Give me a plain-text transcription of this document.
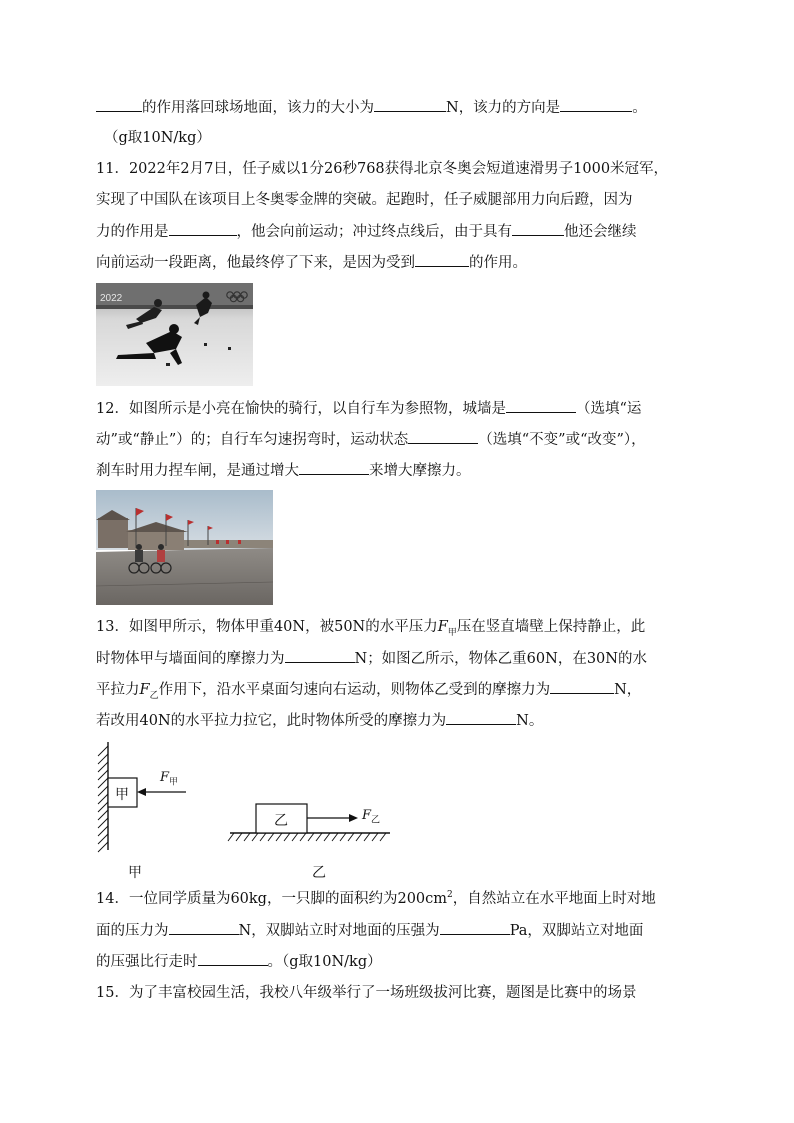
的作用落回球场地面，该力的大小为	N，该力的方向是	。
（g取10N/kg）
11．2022年2月7日，任子威以1分26秒768获得北京冬奥会短道速滑男子1000米冠军，
实现了中国队在该项目上冬奥零金牌的突破。起跑时，任子威腿部用力向后蹬，因为
力的作用是	，他会向前运动；冲过终点线后，由于具有	他还会继续
向前运动一段距离，他最终停了下来，是因为受到	的作用。
2022
12．如图所示是小亮在愉快的骑行，以自行车为参照物，城墙是	（选填“运
动”或“静止”）的；自行车匀速拐弯时，运动状态	（选填“不变”或“改变”），
刹车时用力捏车闸，是通过增大	来增大摩擦力。
13．如图甲所示，物体甲重40N，被50N的水平压力$F_甲$压在竖直墙壁上保持静止，此
时物体甲与墙面间的摩擦力为	N；如图乙所示，物体乙重60N，在30N的水
平拉力$F_乙$作用下，沿水平桌面匀速向右运动，则物体乙受到的摩擦力为	N，
若改用40N的水平拉力拉它，此时物体所受的摩擦力为	N。
甲
乙
$F_甲$
$F_乙$
甲	乙
14．一位同学质量为60kg，一只脚的面积约为$200cm^2$，自然站立在水平地面上时对地
面的压力为	N，双脚站立时对地面的压强为	Pa，双脚站立对地面
的压强比行走时	。（g取10N/kg）
15．为了丰富校园生活，我校八年级举行了一场班级拔河比赛，题图是比赛中的场景
